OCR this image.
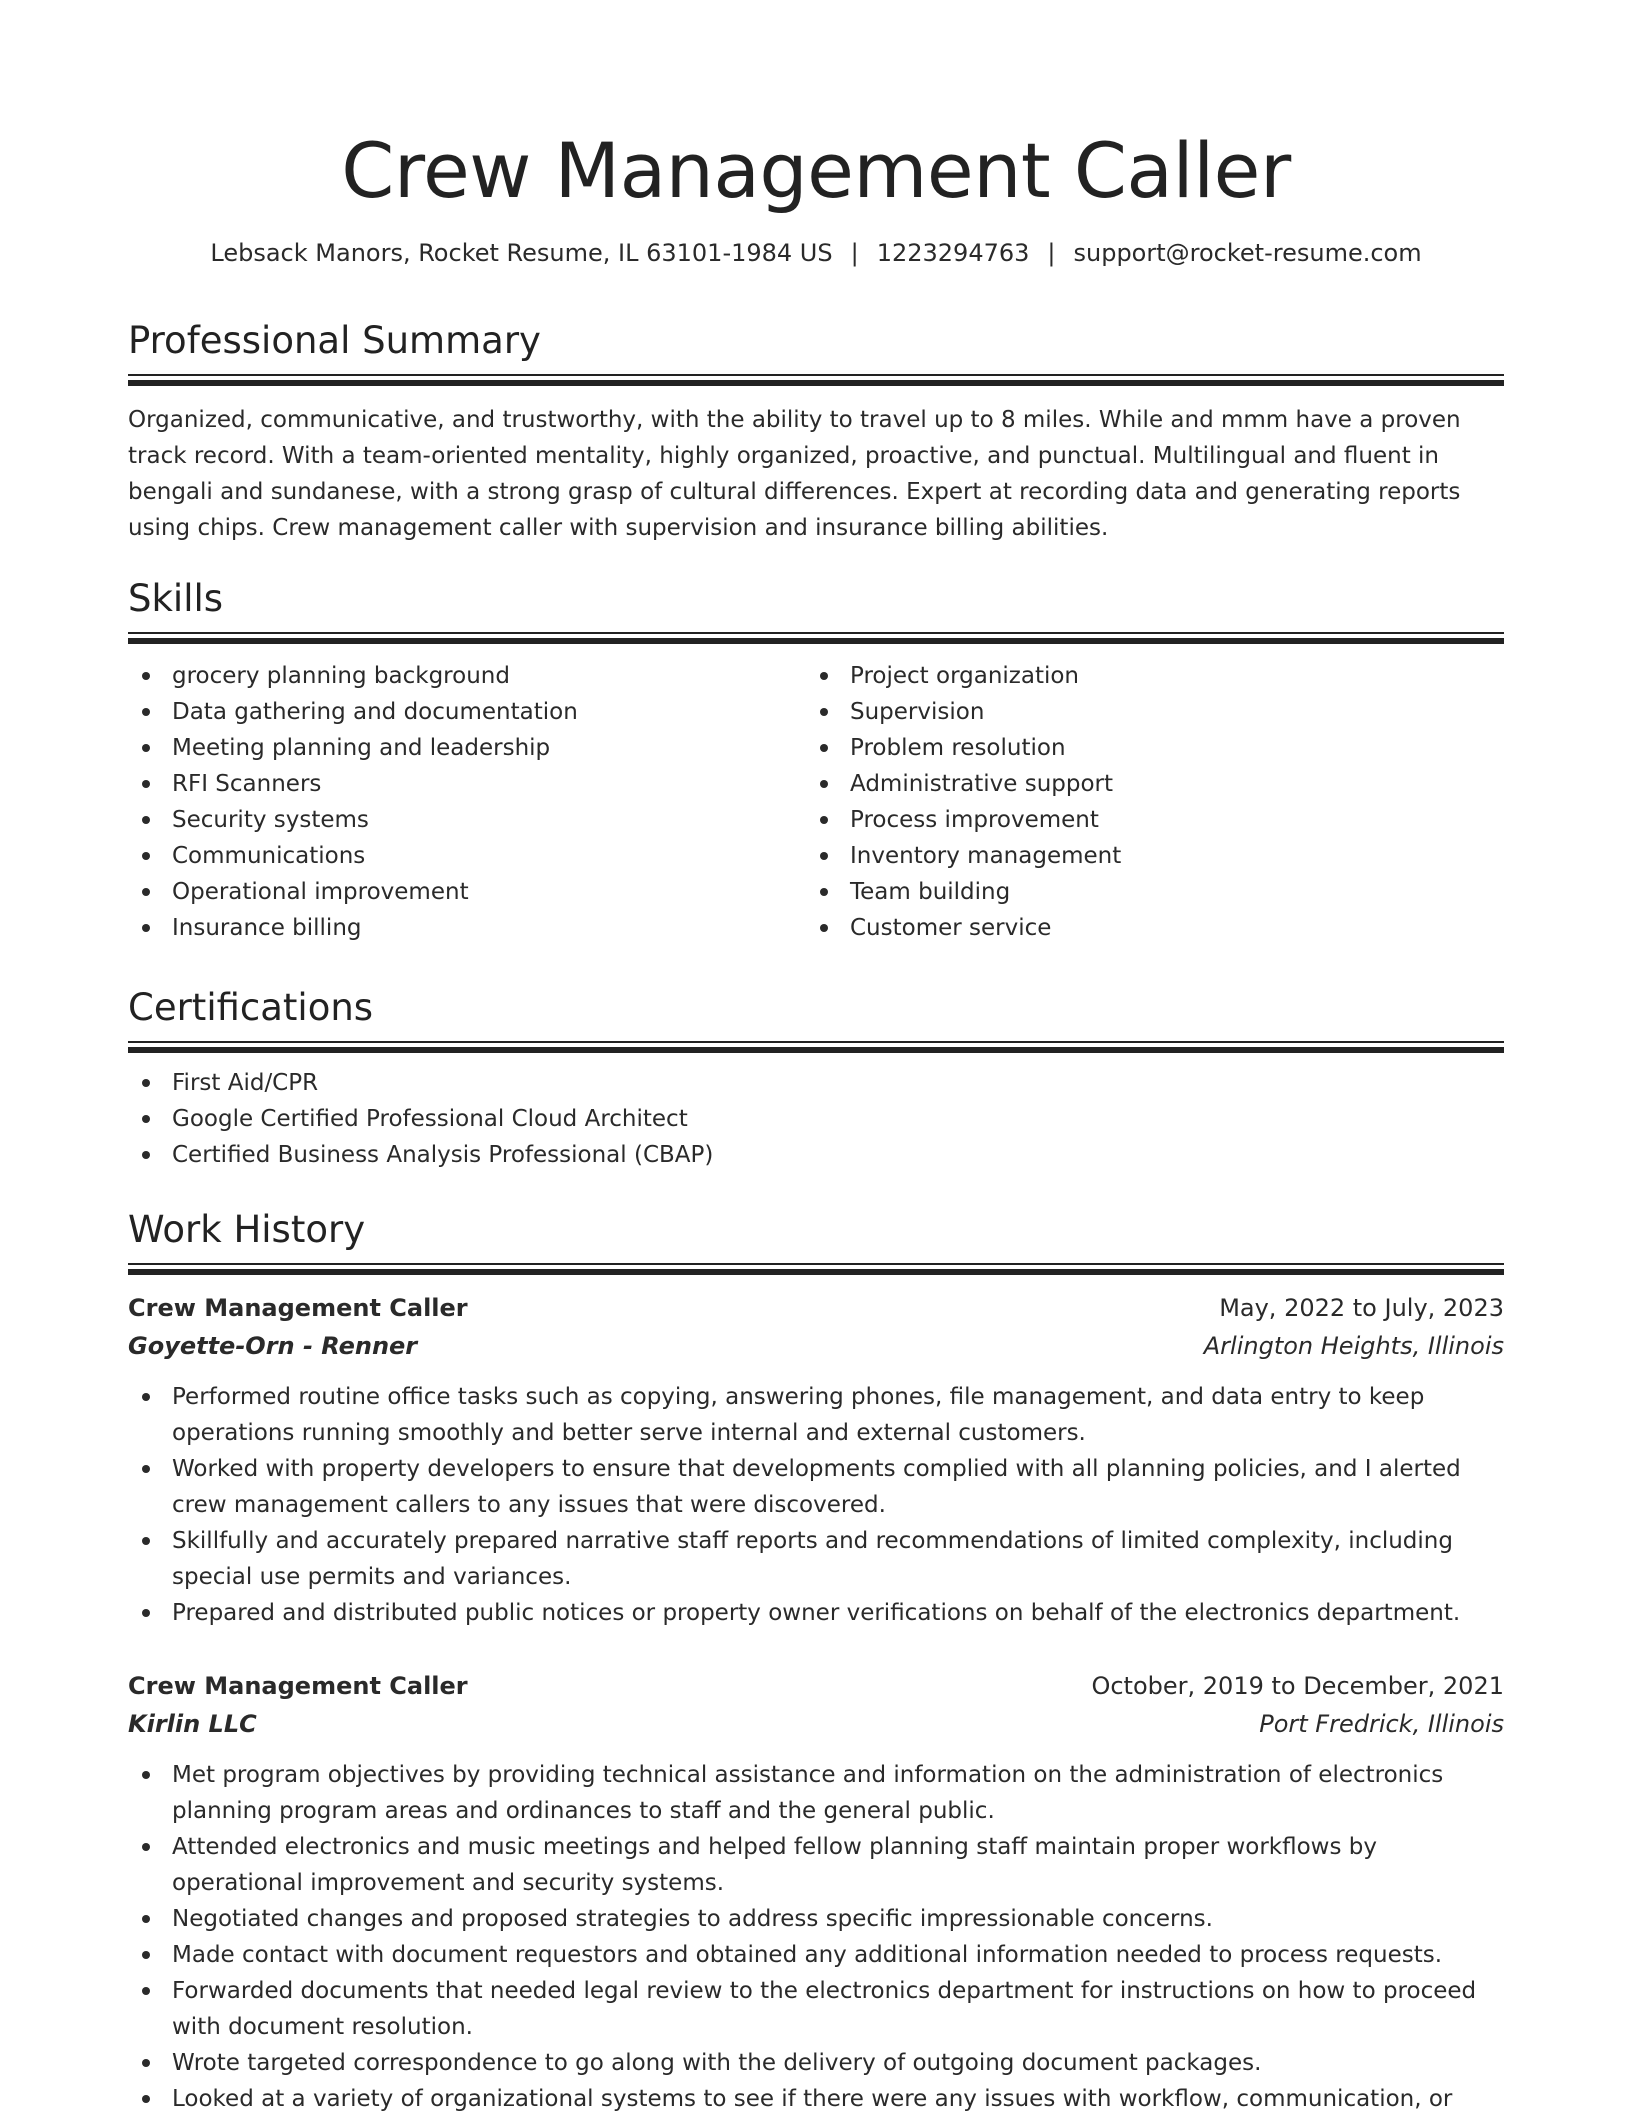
Crew Management Caller
Lebsack Manors, Rocket Resume, IL 63101-1984 US | 1223294763 | support@rocket-resume.com
Professional Summary
Organized, communicative, and trustworthy, with the ability to travel up to 8 miles. While and mmm have a proven track record. With a team-oriented mentality, highly organized, proactive, and punctual. Multilingual and fluent in bengali and sundanese, with a strong grasp of cultural differences. Expert at recording data and generating reports using chips. Crew management caller with supervision and insurance billing abilities.
Skills
grocery planning background
Data gathering and documentation
Meeting planning and leadership
RFI Scanners
Security systems
Communications
Operational improvement
Insurance billing
Project organization
Supervision
Problem resolution
Administrative support
Process improvement
Inventory management
Team building
Customer service
Certifications
First Aid/CPR
Google Certified Professional Cloud Architect
Certified Business Analysis Professional (CBAP)
Work History
Crew Management Caller	May, 2022 to July, 2023
Goyette-Orn - Renner	Arlington Heights, Illinois
Performed routine office tasks such as copying, answering phones, file management, and data entry to keep operations running smoothly and better serve internal and external customers.
Worked with property developers to ensure that developments complied with all planning policies, and I alerted crew management callers to any issues that were discovered.
Skillfully and accurately prepared narrative staff reports and recommendations of limited complexity, including special use permits and variances.
Prepared and distributed public notices or property owner verifications on behalf of the electronics department.
Crew Management Caller	October, 2019 to December, 2021
Kirlin LLC	Port Fredrick, Illinois
Met program objectives by providing technical assistance and information on the administration of electronics planning program areas and ordinances to staff and the general public.
Attended electronics and music meetings and helped fellow planning staff maintain proper workflows by operational improvement and security systems.
Negotiated changes and proposed strategies to address specific impressionable concerns.
Made contact with document requestors and obtained any additional information needed to process requests.
Forwarded documents that needed legal review to the electronics department for instructions on how to proceed with document resolution.
Wrote targeted correspondence to go along with the delivery of outgoing document packages.
Looked at a variety of organizational systems to see if there were any issues with workflow, communication, or
